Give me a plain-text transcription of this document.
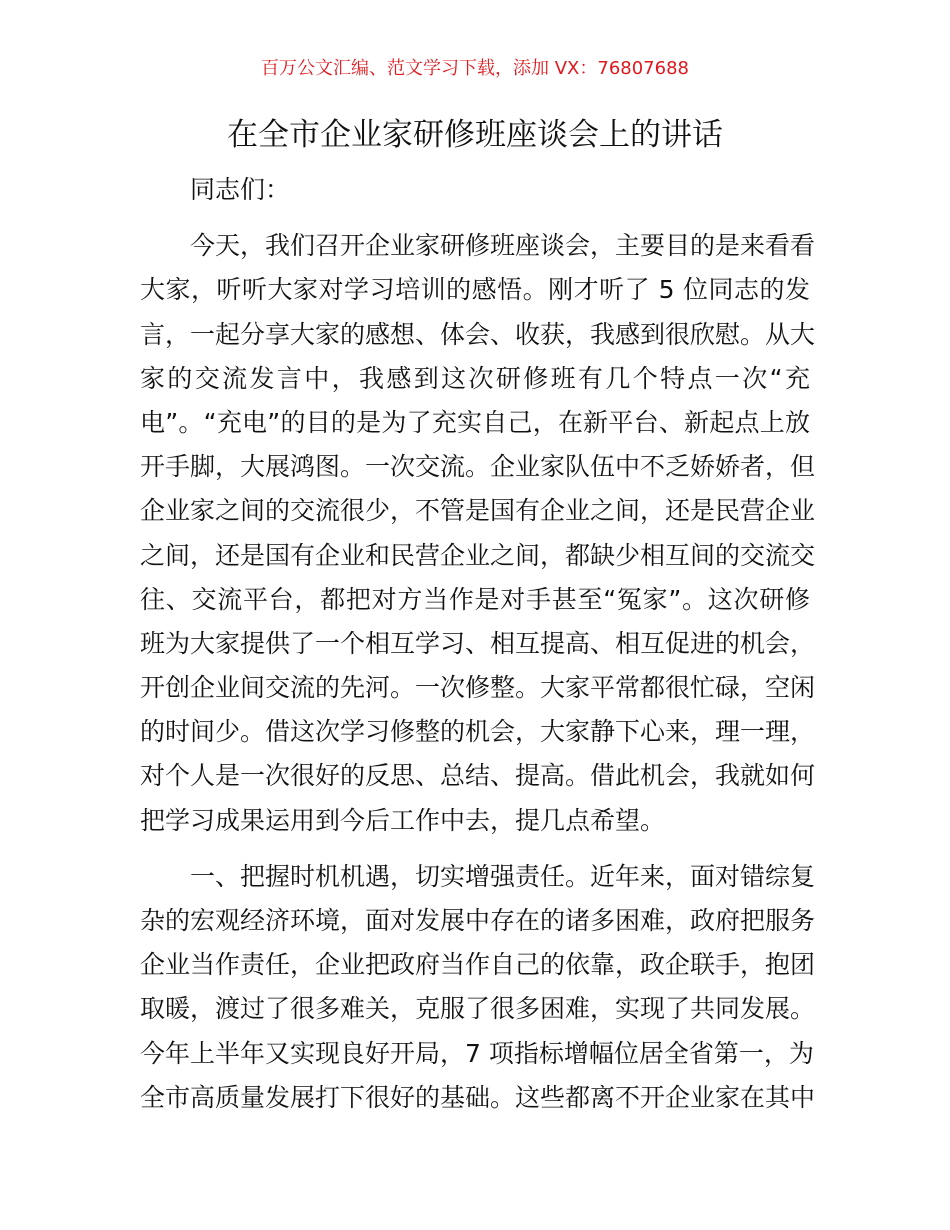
百万公文汇编、范文学习下载，添加 VX：76807688
在全市企业家研修班座谈会上的讲话
同志们：
今天，我们召开企业家研修班座谈会，主要目的是来看看
大家，听听大家对学习培训的感悟。刚才听了 5 位同志的发
言，一起分享大家的感想、体会、收获，我感到很欣慰。从大
家的交流发言中，我感到这次研修班有几个特点一次“充
电”。“充电”的目的是为了充实自己，在新平台、新起点上放
开手脚，大展鸿图。一次交流。企业家队伍中不乏娇娇者，但
企业家之间的交流很少，不管是国有企业之间，还是民营企业
之间，还是国有企业和民营企业之间，都缺少相互间的交流交
往、交流平台，都把对方当作是对手甚至“冤家”。这次研修
班为大家提供了一个相互学习、相互提高、相互促进的机会，
开创企业间交流的先河。一次修整。大家平常都很忙碌，空闲
的时间少。借这次学习修整的机会，大家静下心来，理一理，
对个人是一次很好的反思、总结、提高。借此机会，我就如何
把学习成果运用到今后工作中去，提几点希望。
一、把握时机机遇，切实增强责任。近年来，面对错综复
杂的宏观经济环境，面对发展中存在的诸多困难，政府把服务
企业当作责任，企业把政府当作自己的依靠，政企联手，抱团
取暖，渡过了很多难关，克服了很多困难，实现了共同发展。
今年上半年又实现良好开局，7 项指标增幅位居全省第一，为
全市高质量发展打下很好的基础。这些都离不开企业家在其中
